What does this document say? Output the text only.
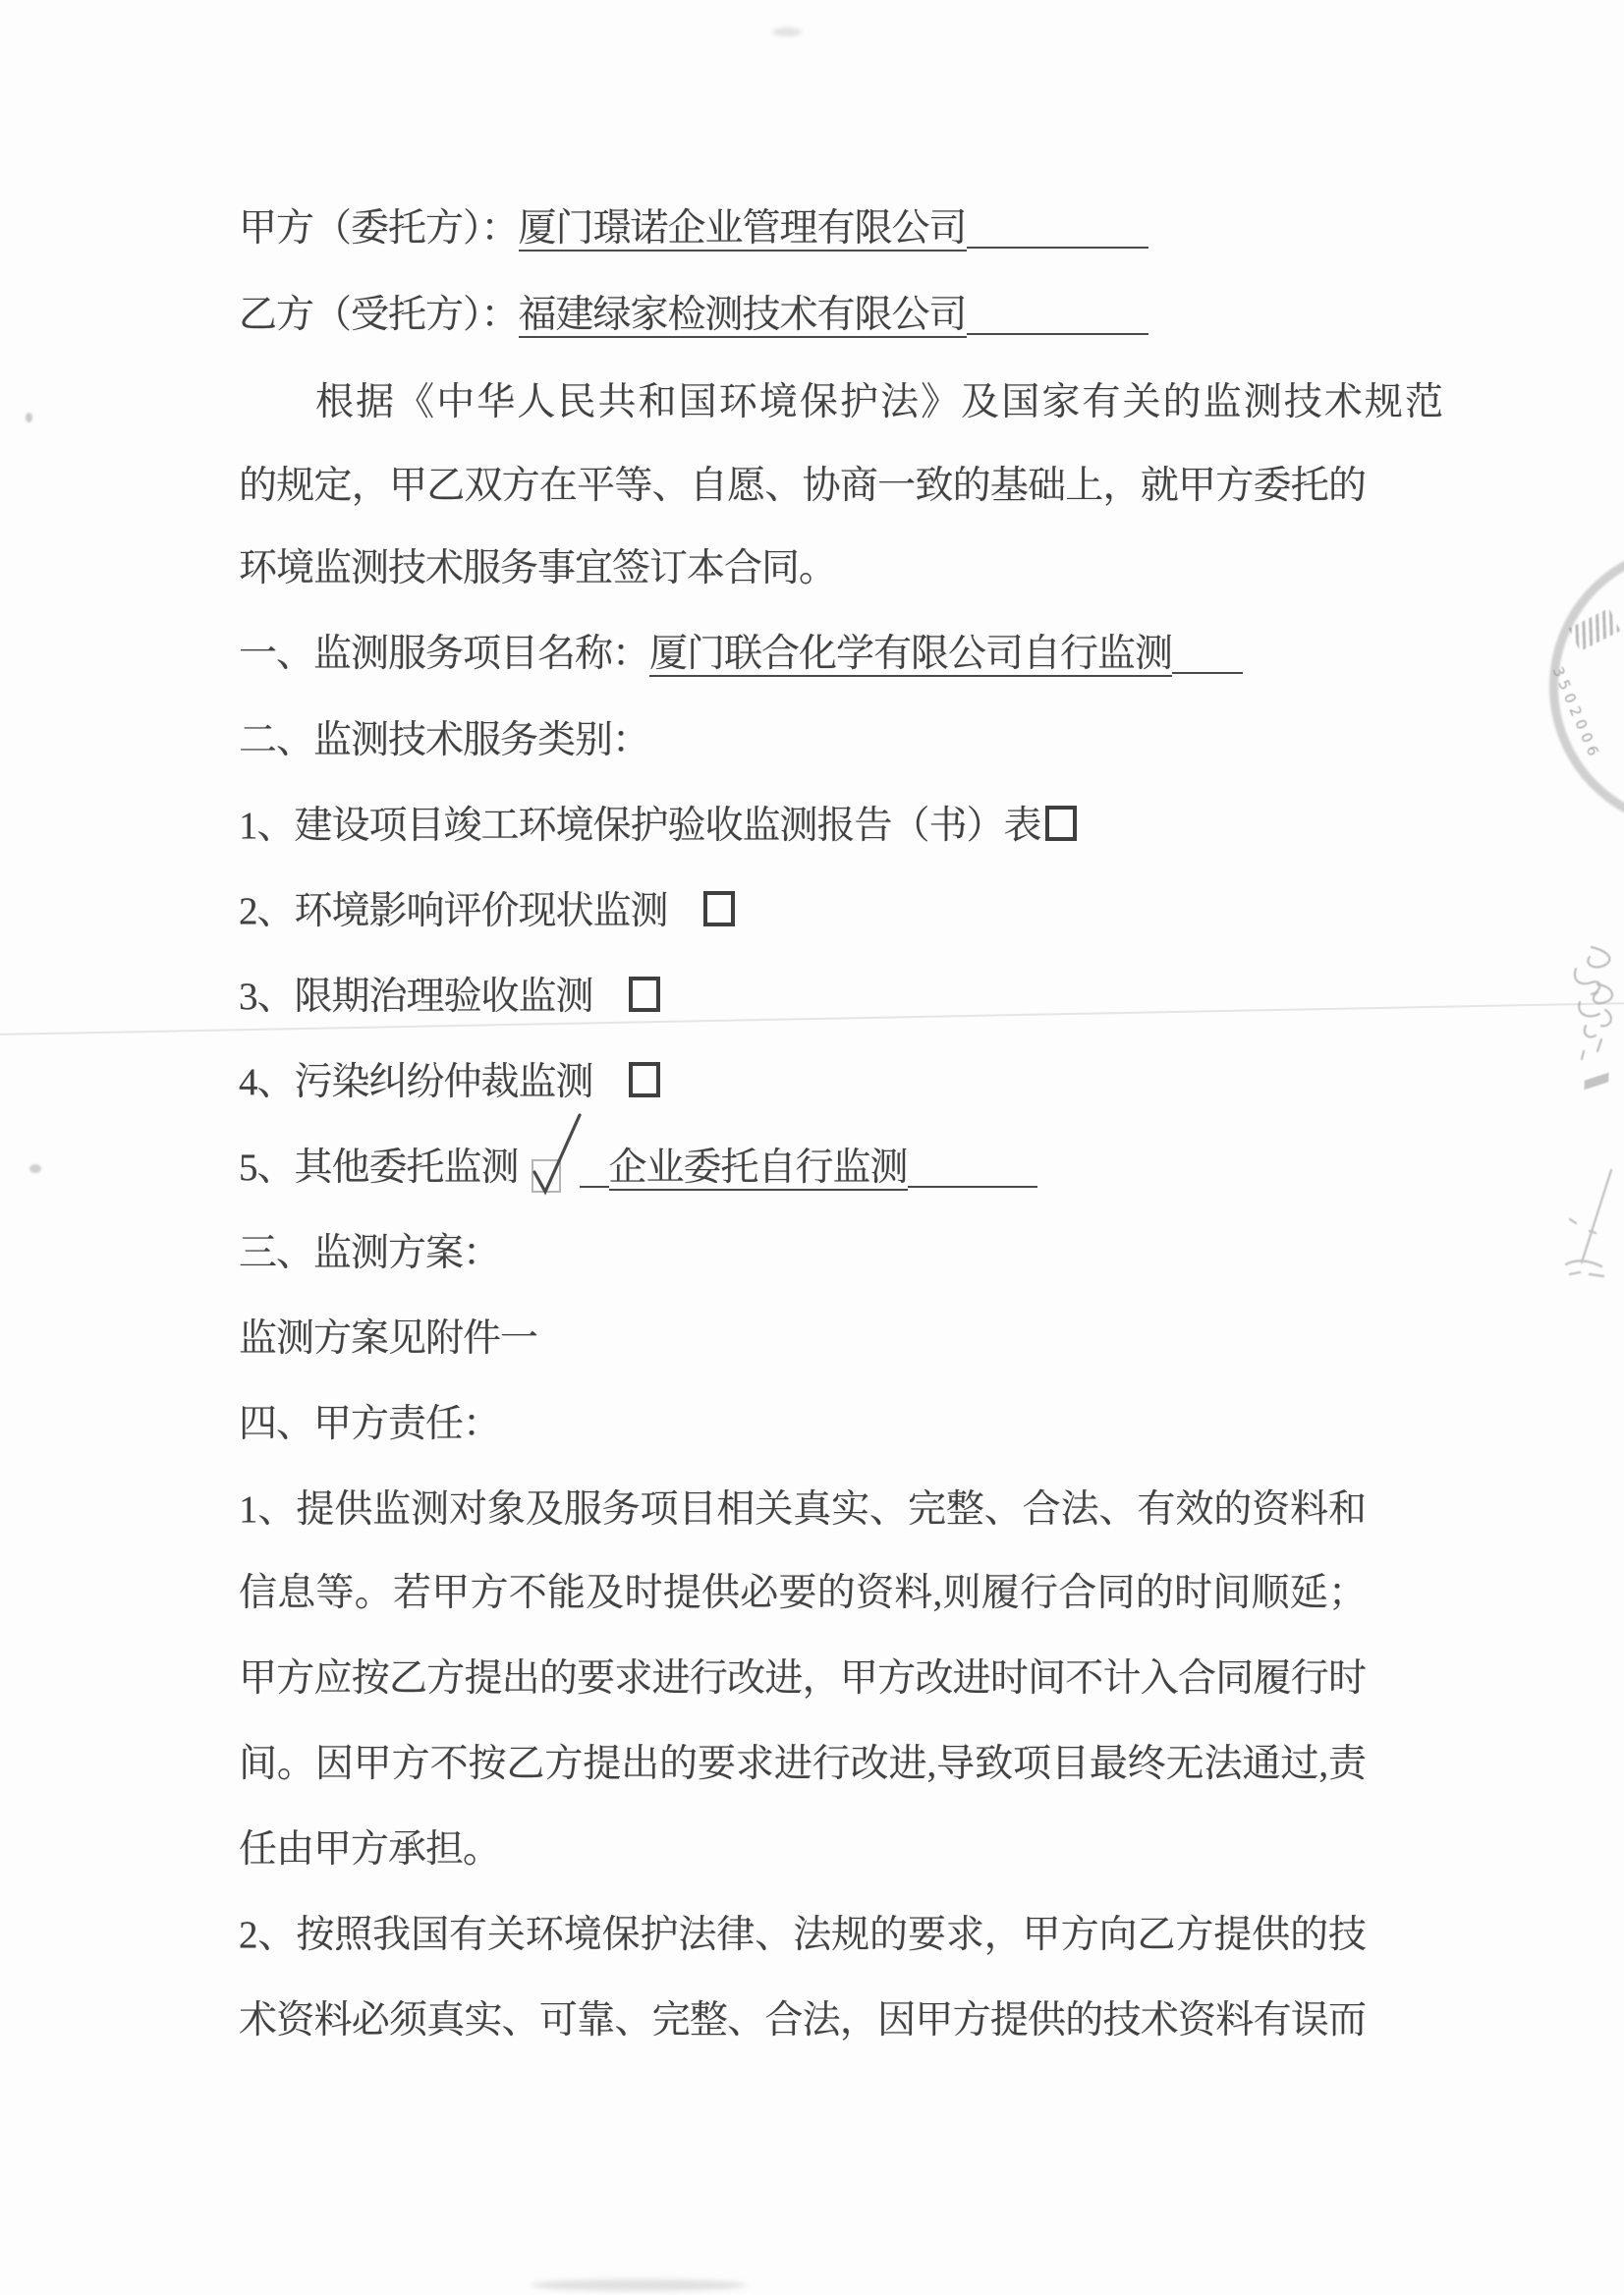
甲方（委托方）：厦门璟诺企业管理有限公司
乙方（受托方）：福建绿家检测技术有限公司
根据《中华人民共和国环境保护法》及国家有关的监测技术规范
的规定，甲乙双方在平等、自愿、协商一致的基础上，就甲方委托的
环境监测技术服务事宜签订本合同。
一、监测服务项目名称：厦门联合化学有限公司自行监测
二、监测技术服务类别：
1、建设项目竣工环境保护验收监测报告（书）表
2、环境影响评价现状监测
3、限期治理验收监测
4、污染纠纷仲裁监测
5、其他委托监测 企业委托自行监测
三、监测方案：
监测方案见附件一
四、甲方责任：
1、提供监测对象及服务项目相关真实、完整、合法、有效的资料和
信息等。若甲方不能及时提供必要的资料,则履行合同的时间顺延；
甲方应按乙方提出的要求进行改进，甲方改进时间不计入合同履行时
间。因甲方不按乙方提出的要求进行改进,导致项目最终无法通过,责
任由甲方承担。
2、按照我国有关环境保护法律、法规的要求，甲方向乙方提供的技
术资料必须真实、可靠、完整、合法，因甲方提供的技术资料有误而
3502006
